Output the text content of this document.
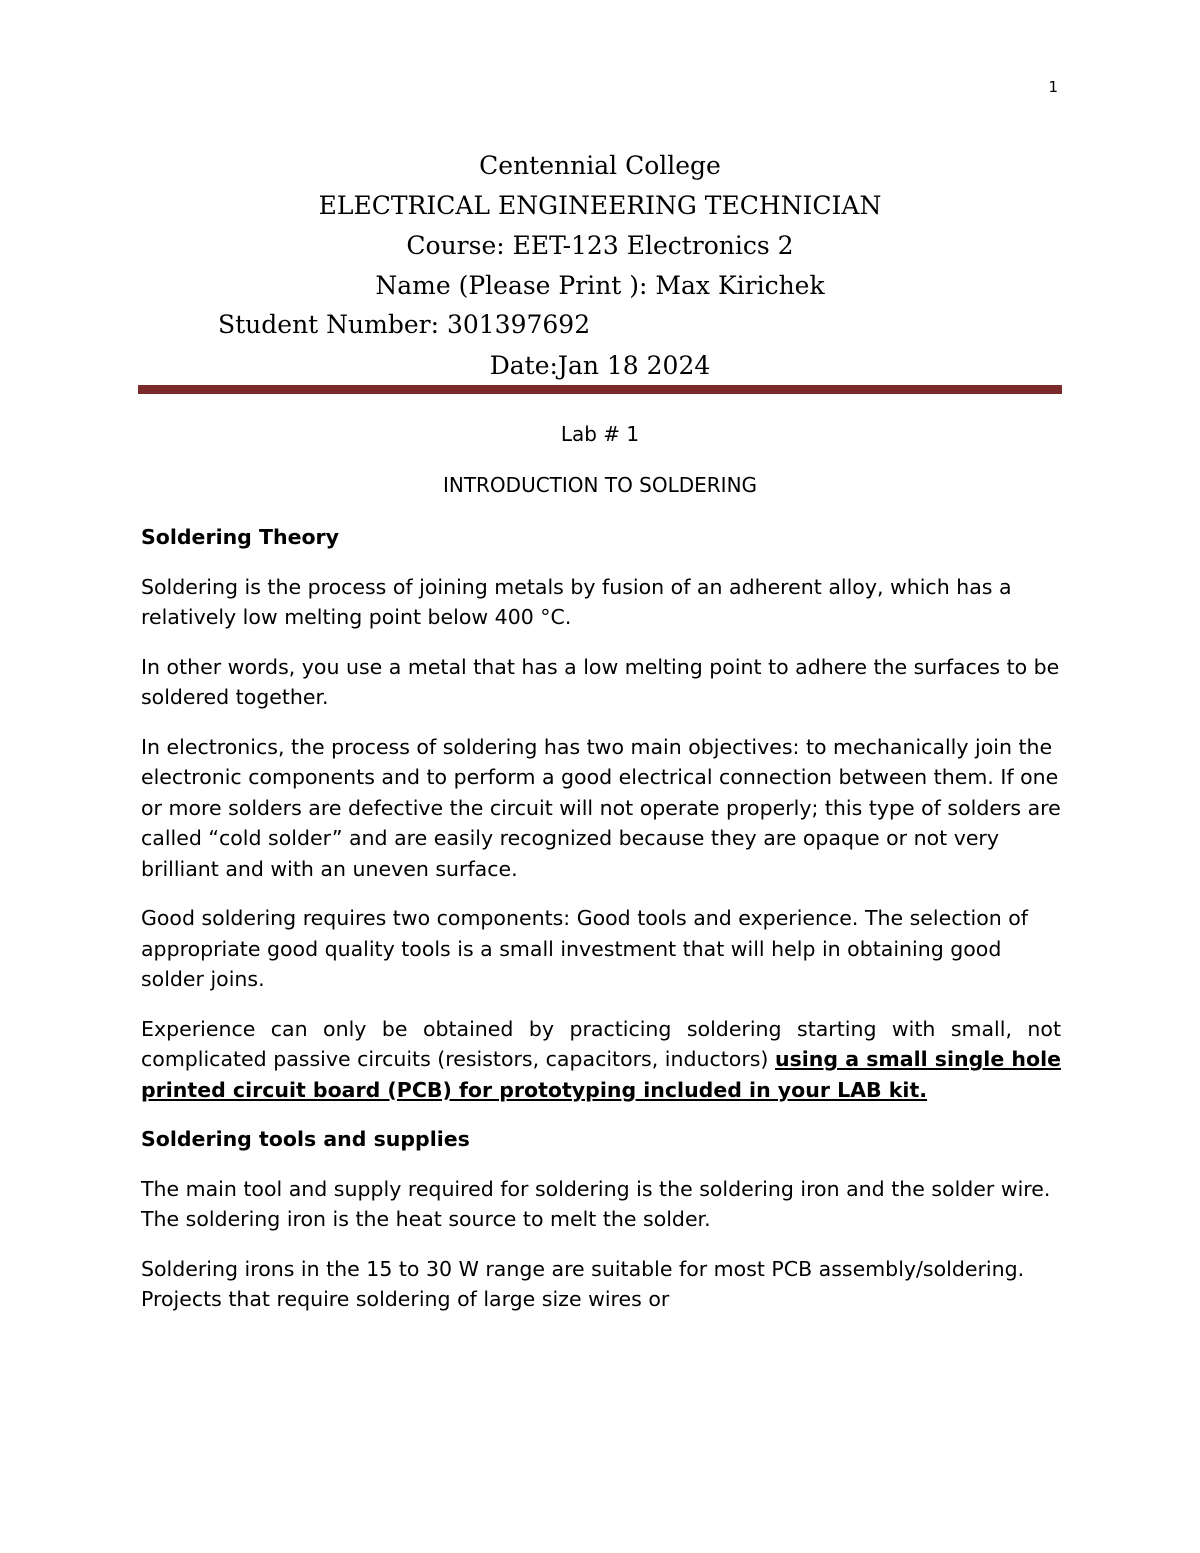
1
Centennial College
ELECTRICAL ENGINEERING TECHNICIAN
Course: EET-123 Electronics 2
Name (Please Print ): Max Kirichek
Student Number: 301397692
Date:Jan 18 2024
Lab # 1
INTRODUCTION TO SOLDERING

Soldering Theory

Soldering is the process of joining metals by fusion of an adherent alloy, which has a relatively low melting point below 400 °C.

In other words, you use a metal that has a low melting point to adhere the surfaces to be soldered together.

In electronics, the process of soldering has two main objectives: to mechanically join the electronic components and to perform a good electrical connection between them. If one or more solders are defective the circuit will not operate properly; this type of solders are called “cold solder” and are easily recognized because they are opaque or not very brilliant and with an uneven surface.

Good soldering requires two components: Good tools and experience. The selection of appropriate good quality tools is a small investment that will help in obtaining good solder joins.

Experience can only be obtained by practicing soldering starting with small, not complicated passive circuits (resistors, capacitors, inductors) using a small single hole printed circuit board (PCB) for prototyping included in your LAB kit.

Soldering tools and supplies

The main tool and supply required for soldering is the soldering iron and the solder wire. The soldering iron is the heat source to melt the solder.

Soldering irons in the 15 to 30 W range are suitable for most PCB assembly/soldering. Projects that require soldering of large size wires or
